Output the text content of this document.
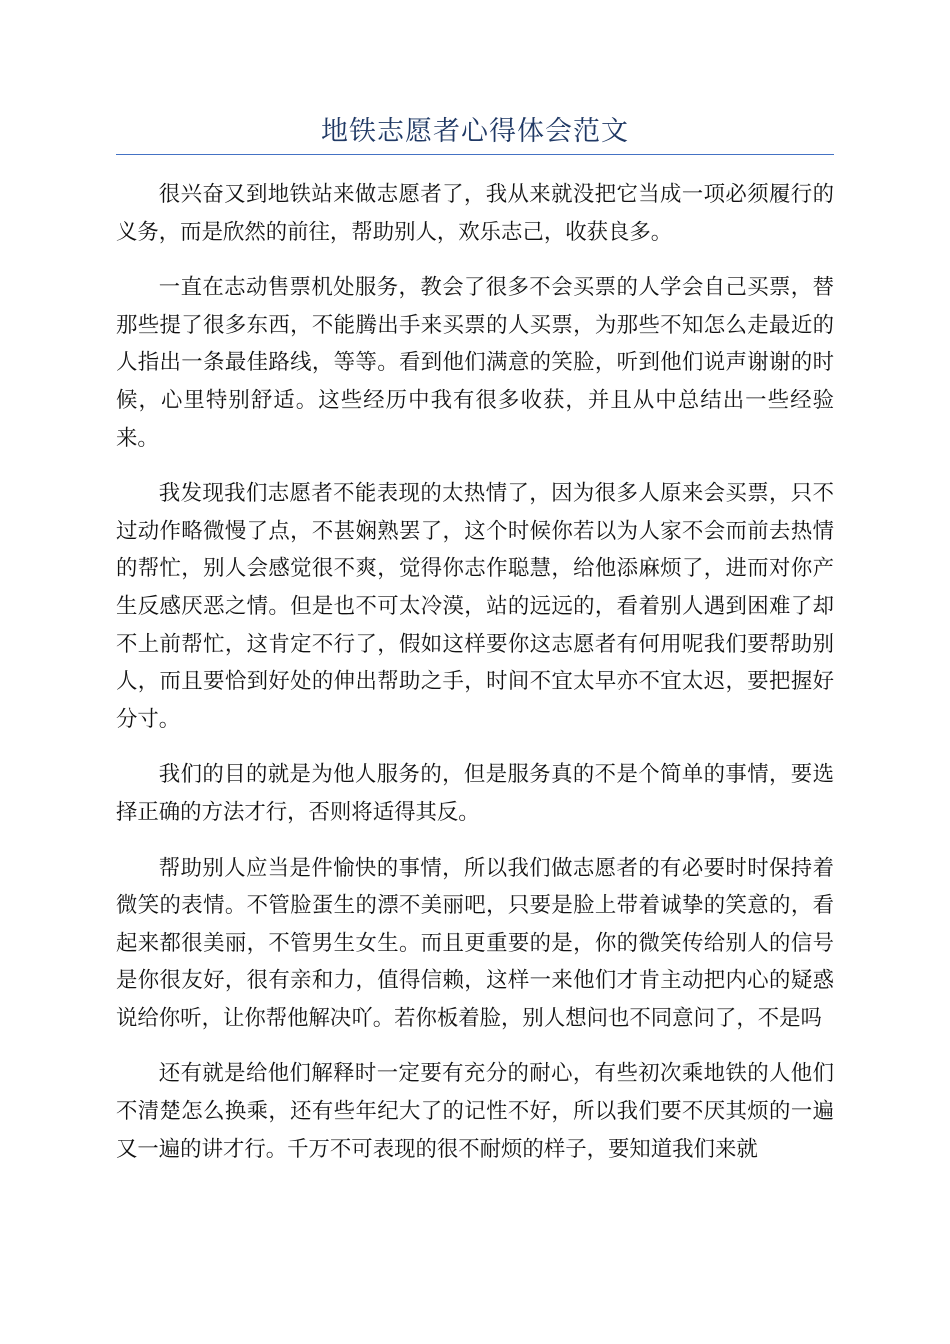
地铁志愿者心得体会范文

很兴奋又到地铁站来做志愿者了，我从来就没把它当成一项必须履行的义务，而是欣然的前往，帮助别人，欢乐志己，收获良多。

一直在志动售票机处服务，教会了很多不会买票的人学会自己买票，替那些提了很多东西，不能腾出手来买票的人买票，为那些不知怎么走最近的人指出一条最佳路线，等等。看到他们满意的笑脸，听到他们说声谢谢的时候，心里特别舒适。这些经历中我有很多收获，并且从中总结出一些经验来。

我发现我们志愿者不能表现的太热情了，因为很多人原来会买票，只不过动作略微慢了点，不甚娴熟罢了，这个时候你若以为人家不会而前去热情的帮忙，别人会感觉很不爽，觉得你志作聪慧，给他添麻烦了，进而对你产生反感厌恶之情。但是也不可太冷漠，站的远远的，看着别人遇到困难了却不上前帮忙，这肯定不行了，假如这样要你这志愿者有何用呢我们要帮助别人，而且要恰到好处的伸出帮助之手，时间不宜太早亦不宜太迟，要把握好分寸。

我们的目的就是为他人服务的，但是服务真的不是个简单的事情，要选择正确的方法才行，否则将适得其反。

帮助别人应当是件愉快的事情，所以我们做志愿者的有必要时时保持着微笑的表情。不管脸蛋生的漂不美丽吧，只要是脸上带着诚挚的笑意的，看起来都很美丽，不管男生女生。而且更重要的是，你的微笑传给别人的信号是你很友好，很有亲和力，值得信赖，这样一来他们才肯主动把内心的疑惑说给你听，让你帮他解决吖。若你板着脸，别人想问也不同意问了，不是吗

还有就是给他们解释时一定要有充分的耐心，有些初次乘地铁的人他们不清楚怎么换乘，还有些年纪大了的记性不好，所以我们要不厌其烦的一遍又一遍的讲才行。千万不可表现的很不耐烦的样子，要知道我们来就
